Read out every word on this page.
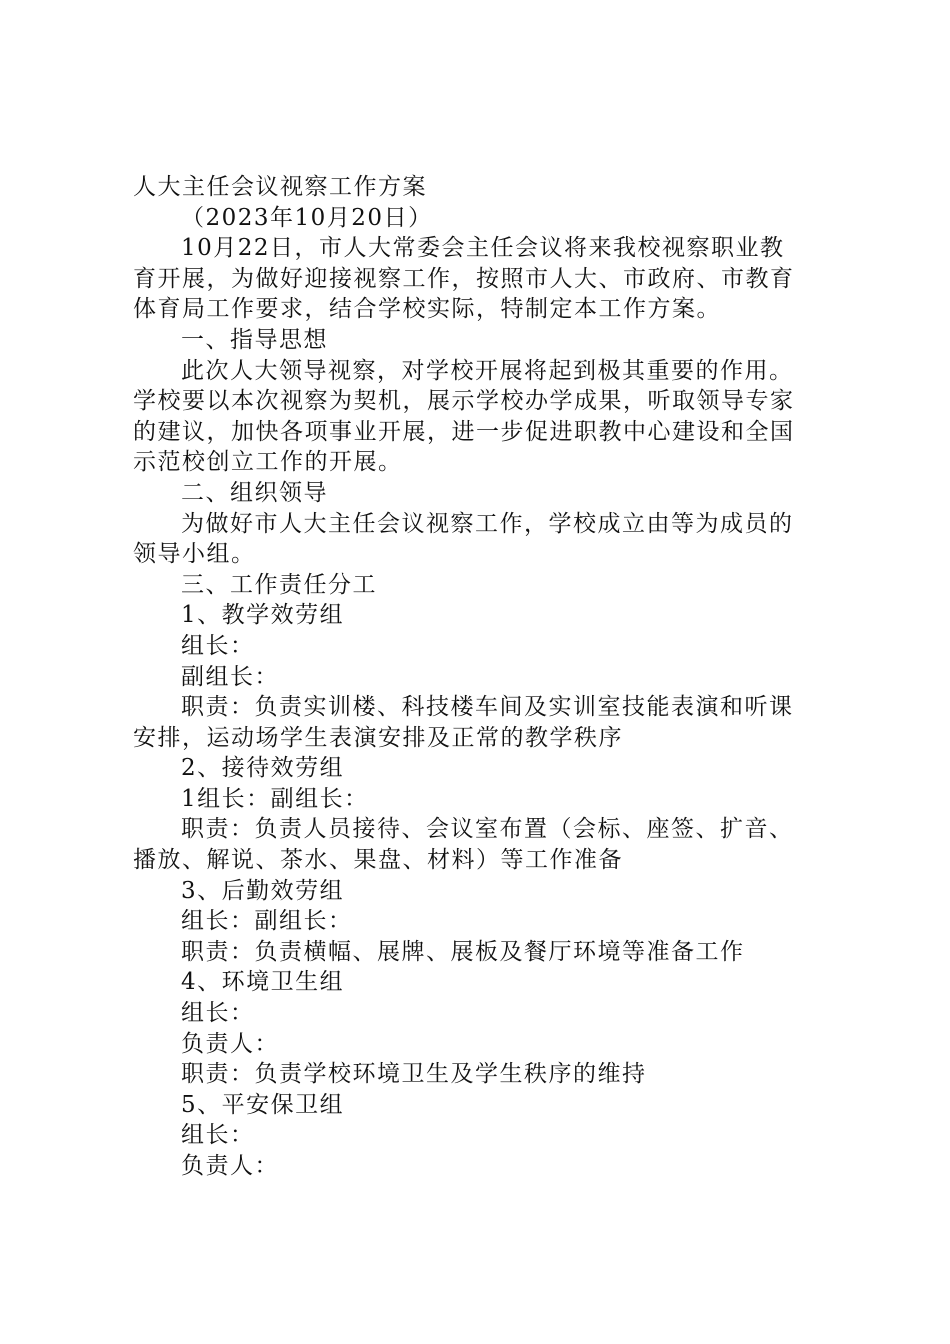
人大主任会议视察工作方案

（2023年10月20日）

10月22日，市人大常委会主任会议将来我校视察职业教

育开展，为做好迎接视察工作，按照市人大、市政府、市教育

体育局工作要求，结合学校实际，特制定本工作方案。

一、指导思想

此次人大领导视察，对学校开展将起到极其重要的作用。

学校要以本次视察为契机，展示学校办学成果，听取领导专家

的建议，加快各项事业开展，进一步促进职教中心建设和全国

示范校创立工作的开展。

二、组织领导

为做好市人大主任会议视察工作，学校成立由等为成员的

领导小组。

三、工作责任分工

1、教学效劳组

组长：

副组长：

职责：负责实训楼、科技楼车间及实训室技能表演和听课

安排，运动场学生表演安排及正常的教学秩序

2、接待效劳组

1组长：副组长：

职责：负责人员接待、会议室布置（会标、座签、扩音、

播放、解说、茶水、果盘、材料）等工作准备

3、后勤效劳组

组长：副组长：

职责：负责横幅、展牌、展板及餐厅环境等准备工作

4、环境卫生组

组长：

负责人：

职责：负责学校环境卫生及学生秩序的维持

5、平安保卫组

组长：

负责人：
